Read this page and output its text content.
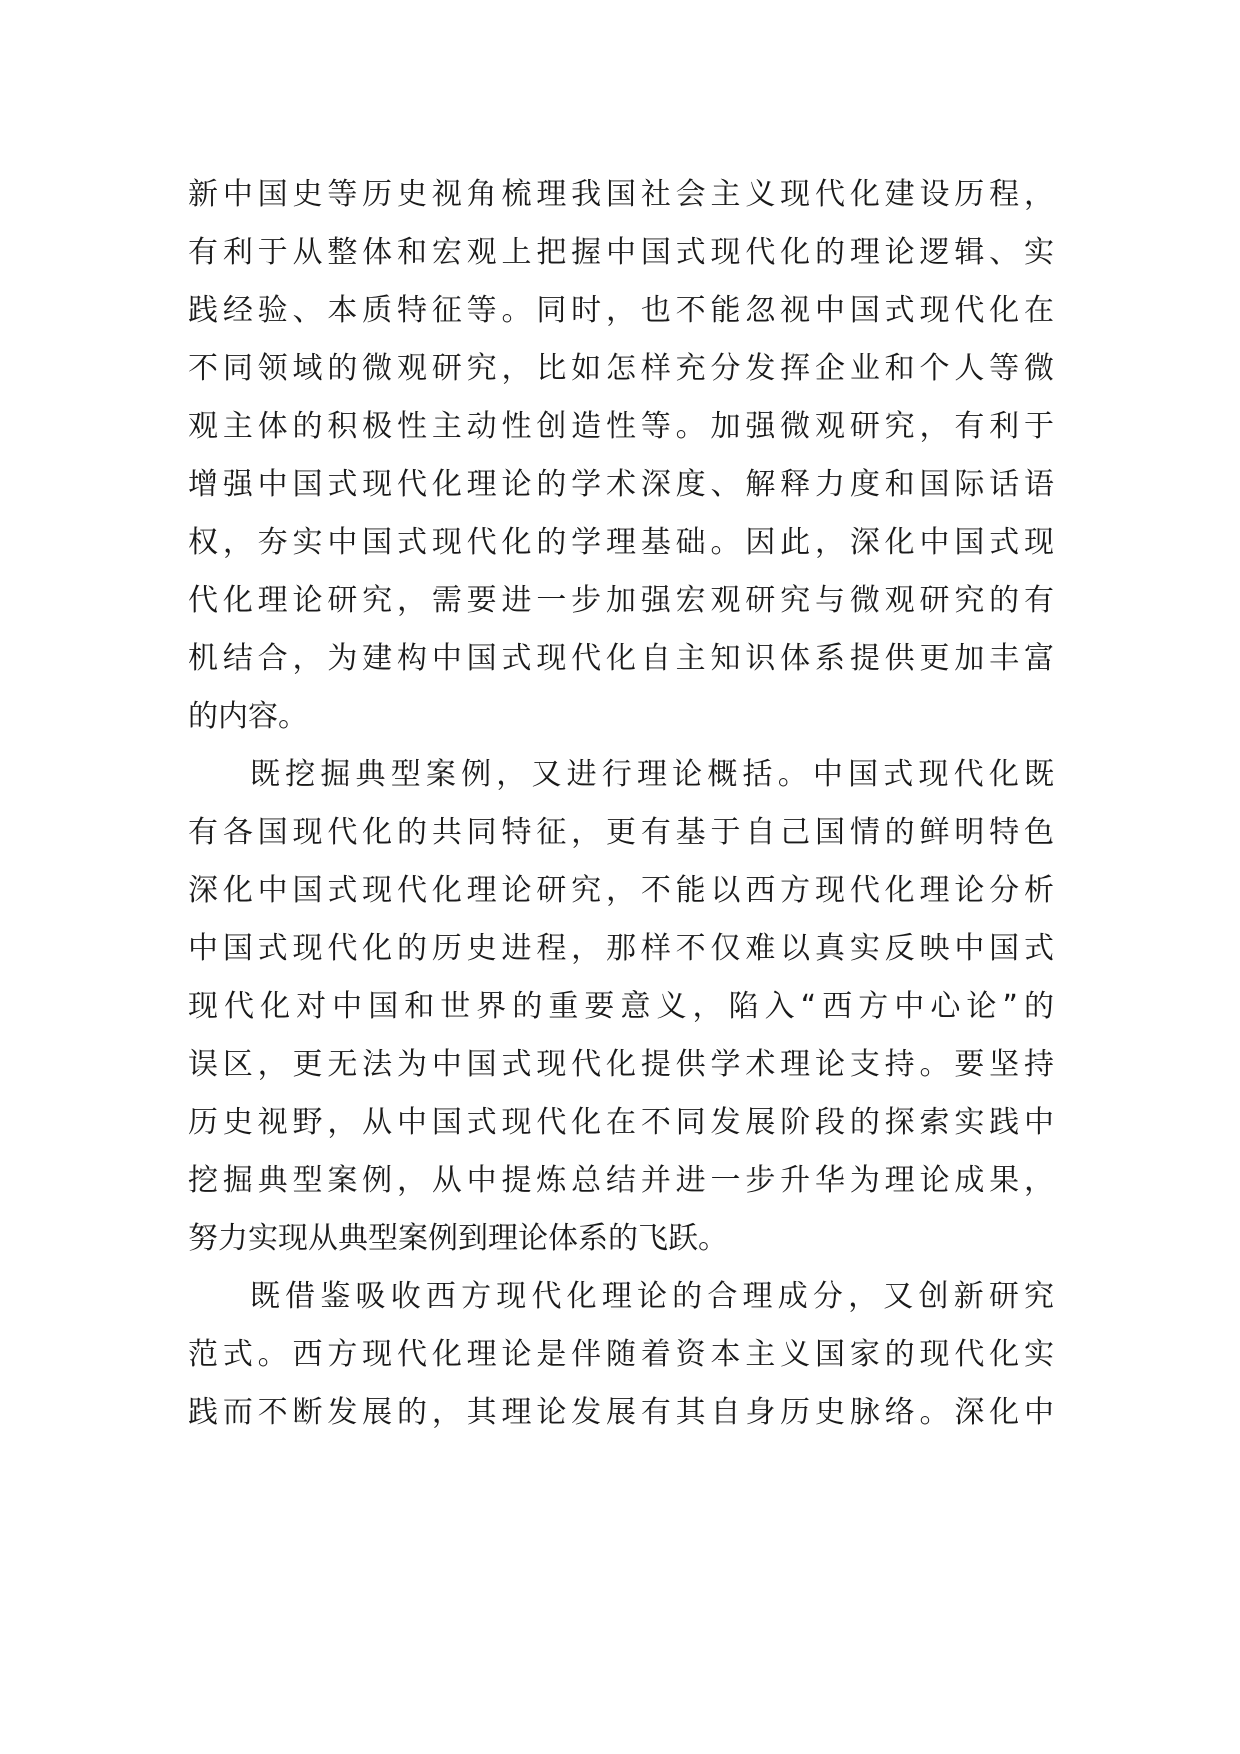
新中国史等历史视角梳理我国社会主义现代化建设历程，
有利于从整体和宏观上把握中国式现代化的理论逻辑、实
践经验、本质特征等。同时，也不能忽视中国式现代化在
不同领域的微观研究，比如怎样充分发挥企业和个人等微
观主体的积极性主动性创造性等。加强微观研究，有利于
增强中国式现代化理论的学术深度、解释力度和国际话语
权，夯实中国式现代化的学理基础。因此，深化中国式现
代化理论研究，需要进一步加强宏观研究与微观研究的有
机结合，为建构中国式现代化自主知识体系提供更加丰富
的内容。
既挖掘典型案例，又进行理论概括。中国式现代化既
有各国现代化的共同特征，更有基于自己国情的鲜明特色
深化中国式现代化理论研究，不能以西方现代化理论分析
中国式现代化的历史进程，那样不仅难以真实反映中国式
现代化对中国和世界的重要意义，陷入“西方中心论”的
误区，更无法为中国式现代化提供学术理论支持。要坚持
历史视野，从中国式现代化在不同发展阶段的探索实践中
挖掘典型案例，从中提炼总结并进一步升华为理论成果，
努力实现从典型案例到理论体系的飞跃。
既借鉴吸收西方现代化理论的合理成分，又创新研究
范式。西方现代化理论是伴随着资本主义国家的现代化实
践而不断发展的，其理论发展有其自身历史脉络。深化中
